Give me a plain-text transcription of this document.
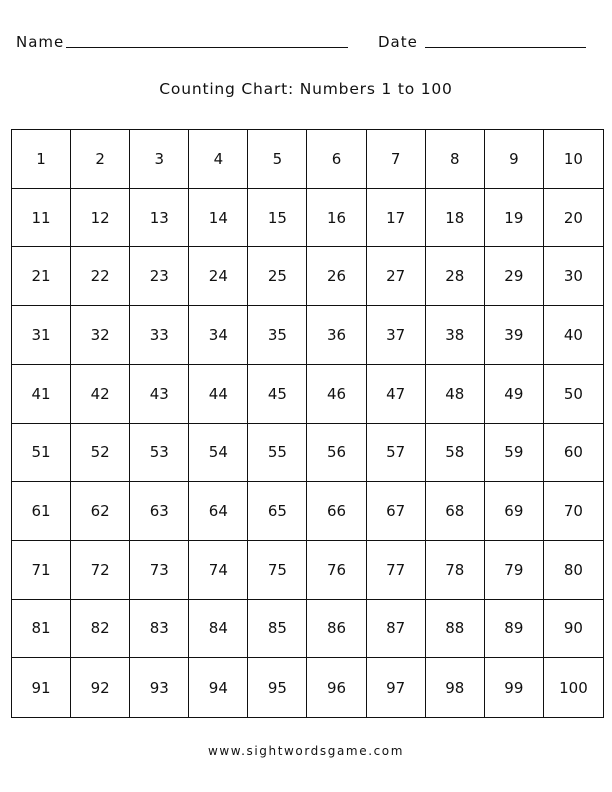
Name	Date
Counting Chart: Numbers 1 to 100
1	2	3	4	5	6	7	8	9	10
11	12	13	14	15	16	17	18	19	20
21	22	23	24	25	26	27	28	29	30
31	32	33	34	35	36	37	38	39	40
41	42	43	44	45	46	47	48	49	50
51	52	53	54	55	56	57	58	59	60
61	62	63	64	65	66	67	68	69	70
71	72	73	74	75	76	77	78	79	80
81	82	83	84	85	86	87	88	89	90
91	92	93	94	95	96	97	98	99	100
www.sightwordsgame.com
